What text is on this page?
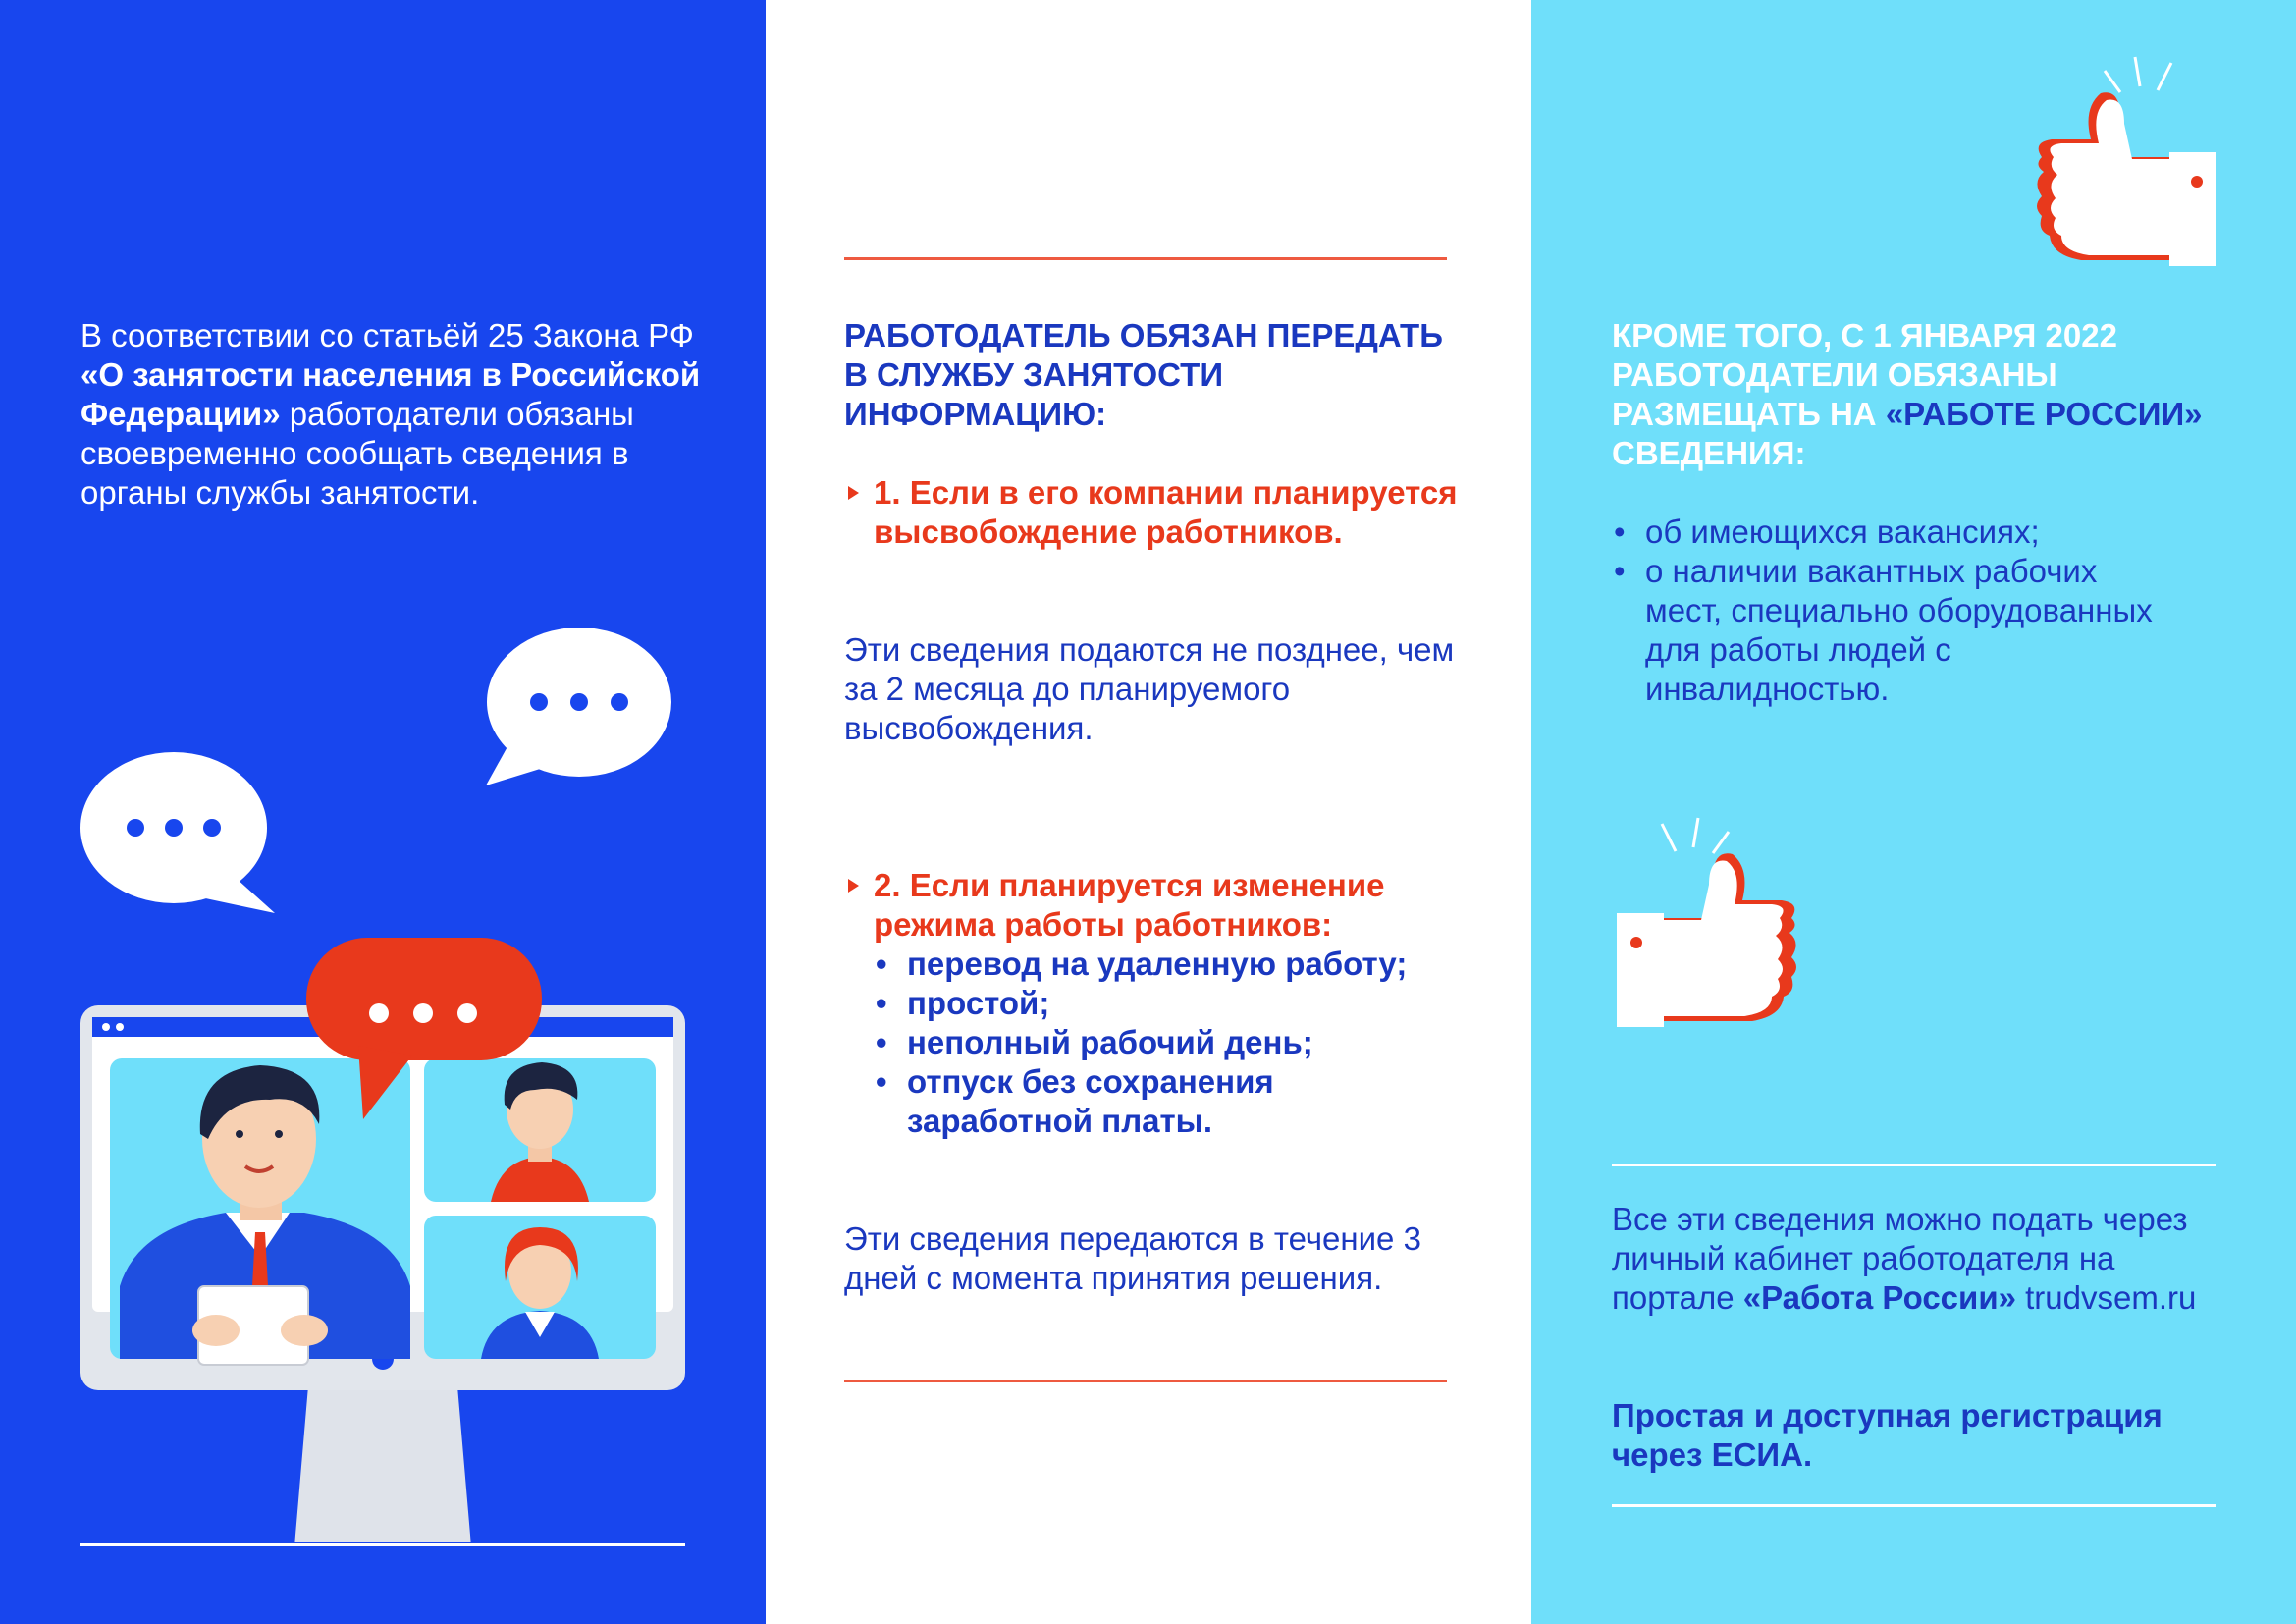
В соответствии со статьёй 25 Закона РФ «О занятости населения в Российской Федерации» работодатели обязаны своевременно сообщать сведения в органы службы занятости.
РАБОТОДАТЕЛЬ ОБЯЗАН ПЕРЕДАТЬ В СЛУЖБУ ЗАНЯТОСТИ ИНФОРМАЦИЮ:
1. Если в его компании планируется высвобождение работников.
Эти сведения подаются не позднее, чем за 2 месяца до планируемого высвобождения.
2. Если планируется изменение режима работы работников:
• перевод на удаленную работу;
• простой;
• неполный рабочий день;
• отпуск без сохранения заработной платы.
Эти сведения передаются в течение 3 дней с момента принятия решения.
КРОМЕ ТОГО, С 1 ЯНВАРЯ 2022 РАБОТОДАТЕЛИ ОБЯЗАНЫ РАЗМЕЩАТЬ НА «РАБОТЕ РОССИИ» СВЕДЕНИЯ:
• об имеющихся вакансиях;
• о наличии вакантных рабочих мест, специально оборудованных для работы людей с инвалидностью.
Все эти сведения можно подать через личный кабинет работодателя на портале «Работа России» trudvsem.ru
Простая и доступная регистрация через ЕСИА.
